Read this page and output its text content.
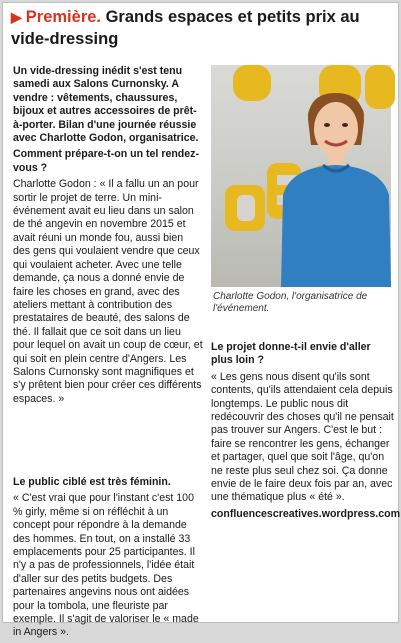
▶ Première. Grands espaces et petits prix au vide-dressing

Un vide-dressing inédit s'est tenu samedi aux Salons Curnonsky. A vendre : vêtements, chaussures, bijoux et autres accessoires de prêt-à-porter. Bilan d'une journée réussie avec Charlotte Godon, organisatrice.

Comment prépare-t-on un tel rendez-vous ?

Charlotte Godon : « Il a fallu un an pour sortir le projet de terre. Un mini-événement avait eu lieu dans un salon de thé angevin en novembre 2015 et avait réuni un monde fou, aussi bien des gens qui voulaient vendre que ceux qui voulaient acheter. Avec une telle demande, ça nous a donné envie de faire les choses en grand, avec des ateliers mettant à contribution des prestataires de beauté, des salons de thé. Il fallait que ce soit dans un lieu pour lequel on avait un coup de cœur, et qui soit en plein centre d'Angers. Les Salons Curnonsky sont magnifiques et s'y prêtent bien pour créer ces différents espaces. »

Le public ciblé est très féminin.

« C'est vrai que pour l'instant c'est 100 % girly, même si on réfléchit à un concept pour répondre à la demande des hommes. En tout, on a installé 33 emplacements pour 25 participantes. Il n'y a pas de professionnels, l'idée était d'aller sur des petits budgets. Des partenaires angevins nous ont aidées pour la tombola, une fleuriste par exemple. Il s'agit de valoriser le « made in Angers ».

Charlotte Godon, l'organisatrice de l'événement.

Le projet donne-t-il envie d'aller plus loin ?

« Les gens nous disent qu'ils sont contents, qu'ils attendaient cela depuis longtemps. Le public nous dit redécouvrir des choses qu'il ne pensait pas trouver sur Angers. C'est le but : faire se rencontrer les gens, échanger et partager, quel que soit l'âge, qu'on ne reste plus seul chez soi. Ça donne envie de le faire deux fois par an, avec une thématique plus « été ».

confluencescreatives.wordpress.com
